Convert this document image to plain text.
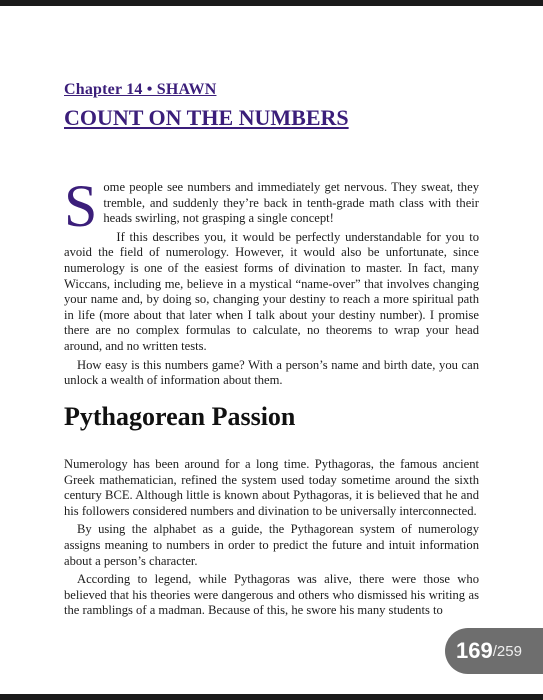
Chapter 14 • SHAWN
COUNT ON THE NUMBERS

Some people see numbers and immediately get nervous. They sweat, they tremble, and suddenly they’re back in tenth-grade math class with their heads swirling, not grasping a single concept!

If this describes you, it would be perfectly understandable for you to avoid the field of numerology. However, it would also be unfortunate, since numerology is one of the easiest forms of divination to master. In fact, many Wiccans, including me, believe in a mystical “name-over” that involves changing your name and, by doing so, changing your destiny to reach a more spiritual path in life (more about that later when I talk about your destiny number). I promise there are no complex formulas to calculate, no theorems to wrap your head around, and no written tests.

How easy is this numbers game? With a person’s name and birth date, you can unlock a wealth of information about them.

Pythagorean Passion

Numerology has been around for a long time. Pythagoras, the famous ancient Greek mathematician, refined the system used today sometime around the sixth century BCE. Although little is known about Pythagoras, it is believed that he and his followers considered numbers and divination to be universally interconnected.

By using the alphabet as a guide, the Pythagorean system of numerology assigns meaning to numbers in order to predict the future and intuit information about a person’s character.

According to legend, while Pythagoras was alive, there were those who believed that his theories were dangerous and others who dismissed his writing as the ramblings of a madman. Because of this, he swore his many students to

169 / 259
